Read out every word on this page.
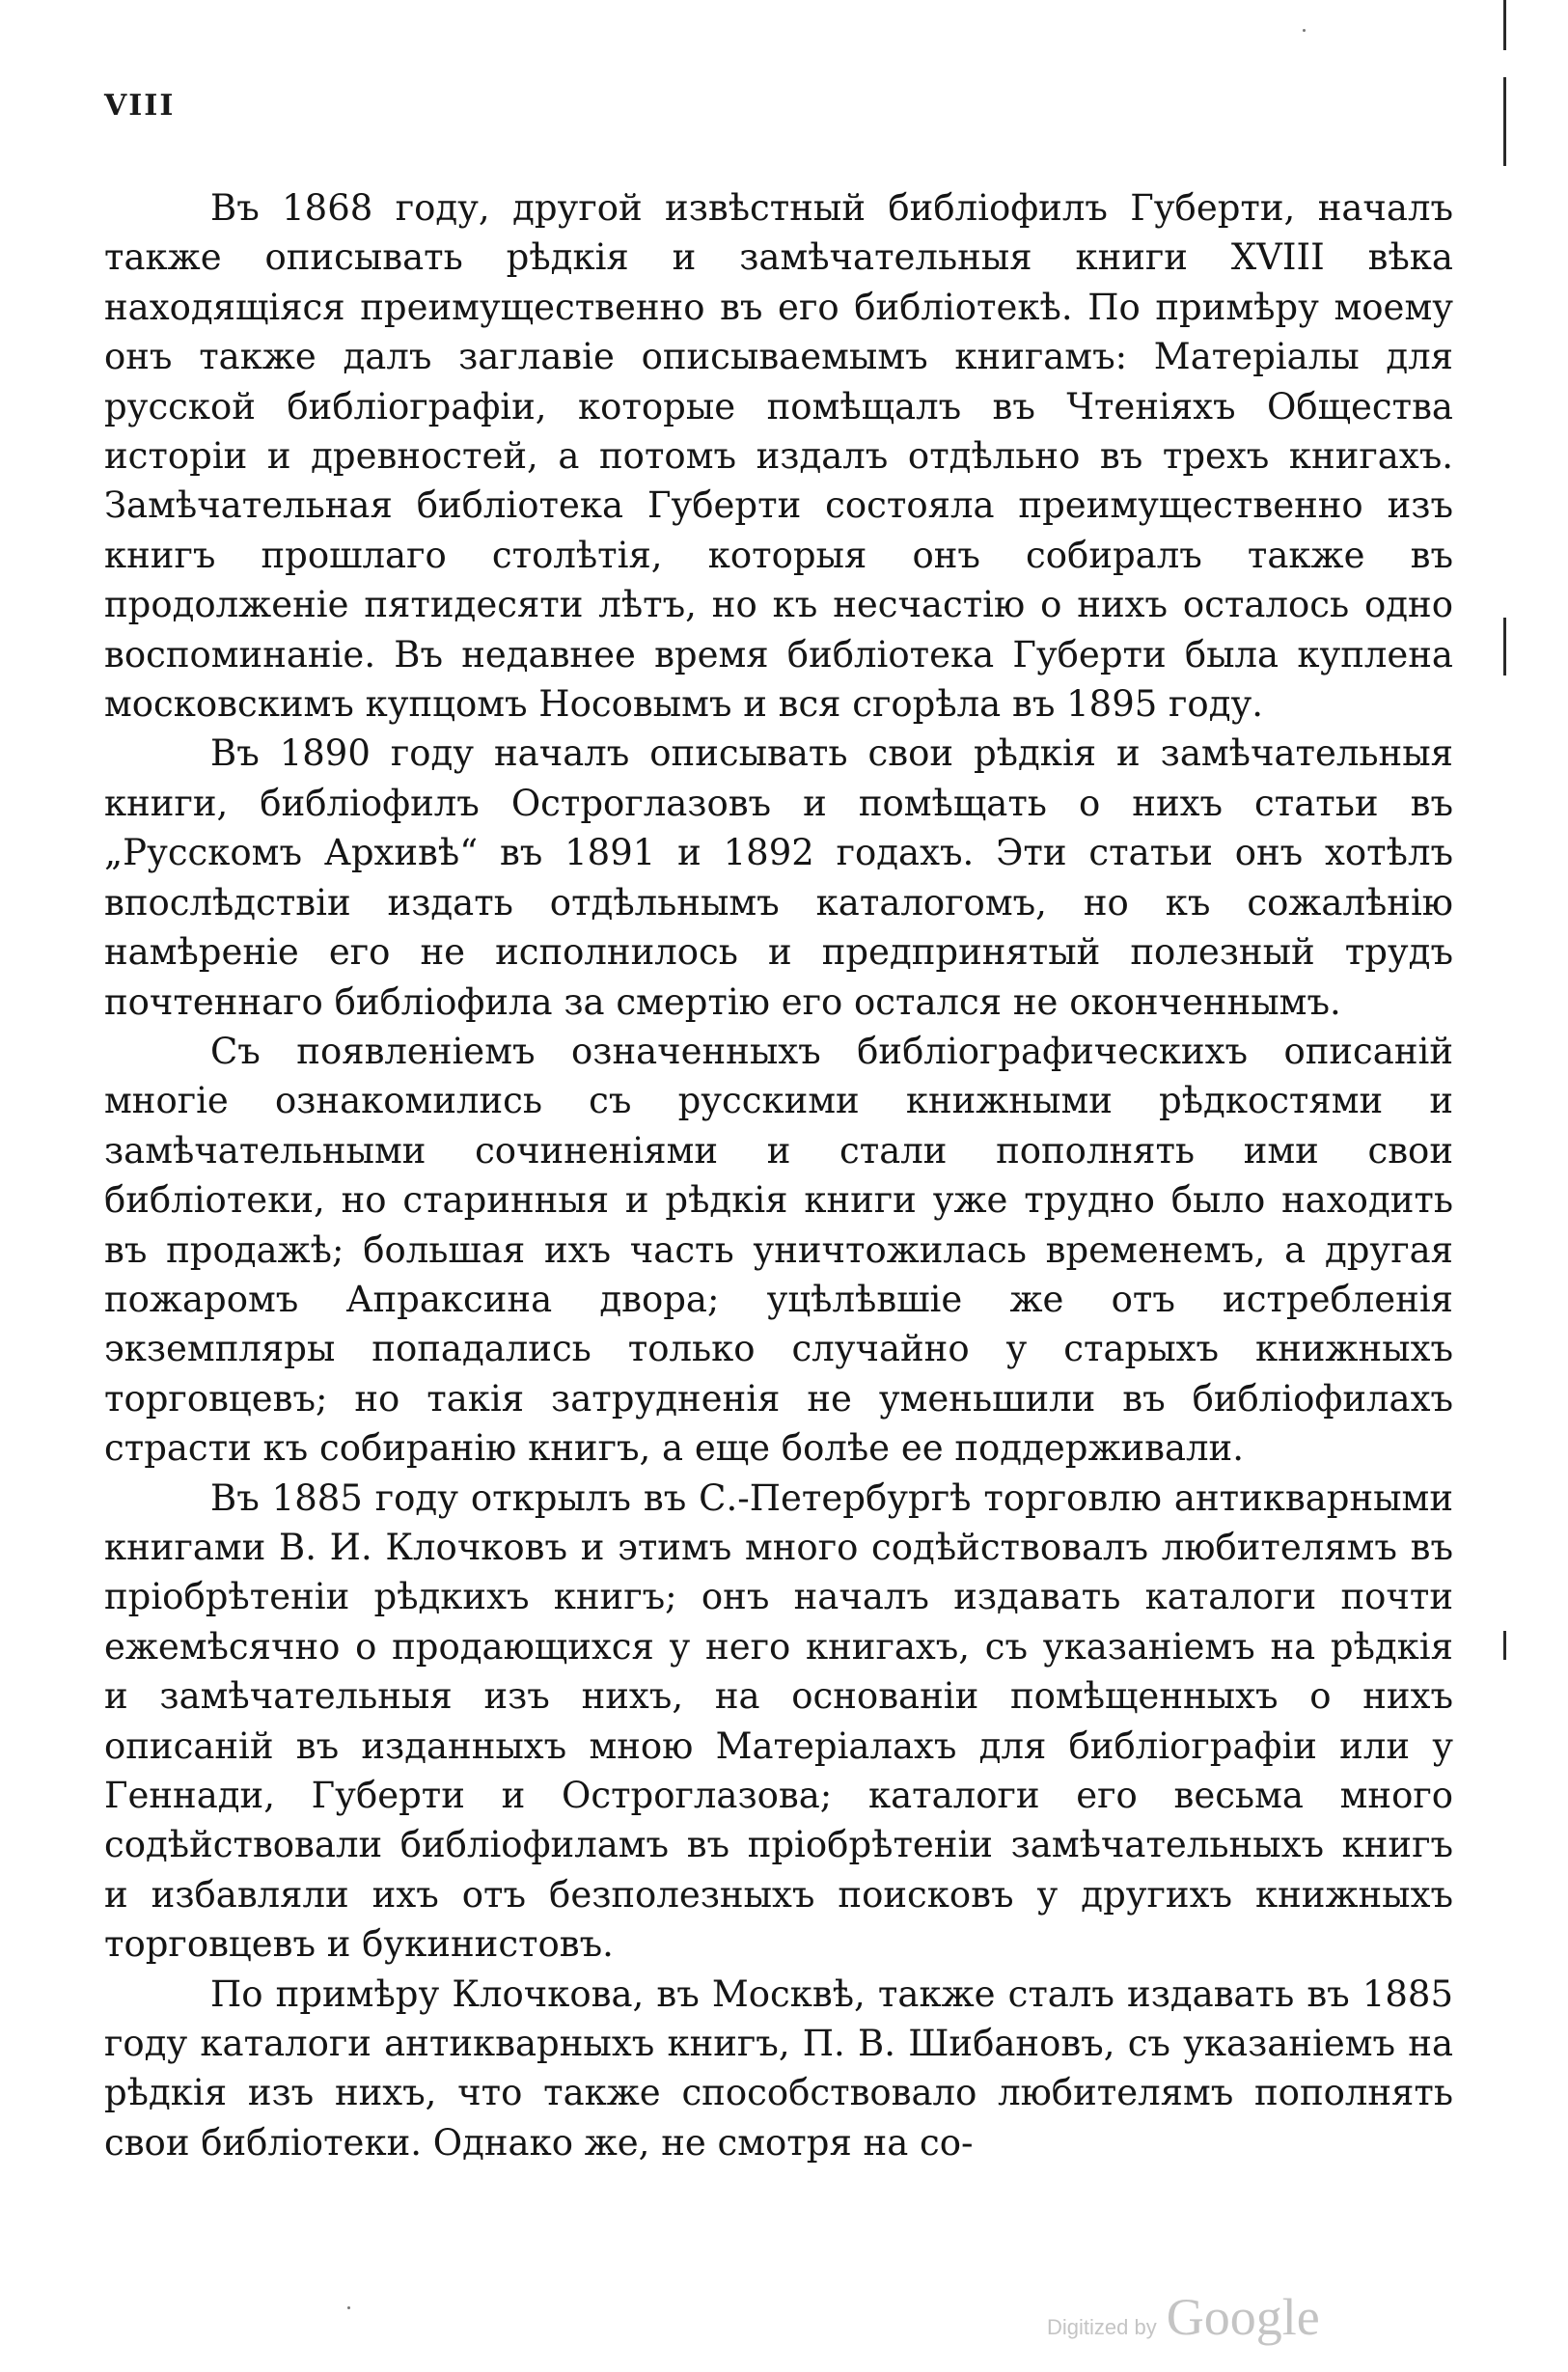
VIII

Въ 1868 году, другой извѣстный библіофилъ Губерти, началъ также описывать рѣдкія и замѣчательныя книги XVIII вѣка находящіяся преимущественно въ его библіотекѣ. По примѣру моему онъ также далъ заглавіе описываемымъ книгамъ: Матеріалы для русской библіографіи, которые помѣщалъ въ Чтеніяхъ Общества исторіи и древностей, а потомъ издалъ отдѣльно въ трехъ книгахъ. Замѣчательная библіотека Губерти состояла преимущественно изъ книгъ прошлаго столѣтія, которыя онъ собиралъ также въ продолженіе пятидесяти лѣтъ, но къ несчастію о нихъ осталось одно воспоминаніе. Въ недавнее время библіотека Губерти была куплена московскимъ купцомъ Носовымъ и вся сгорѣла въ 1895 году.

Въ 1890 году началъ описывать свои рѣдкія и замѣчательныя книги, библіофилъ Остроглазовъ и помѣщать о нихъ статьи въ „Русскомъ Архивѣ“ въ 1891 и 1892 годахъ. Эти статьи онъ хотѣлъ впослѣдствіи издать отдѣльнымъ каталогомъ, но къ сожалѣнію намѣреніе его не исполнилось и предпринятый полезный трудъ почтеннаго библіофила за смертію его остался не оконченнымъ.

Съ появленіемъ означенныхъ библіографическихъ описаній многіе ознакомились съ русскими книжными рѣдкостями и замѣчательными сочиненіями и стали пополнять ими свои библіотеки, но старинныя и рѣдкія книги уже трудно было находить въ продажѣ; большая ихъ часть уничтожилась временемъ, а другая пожаромъ Апраксина двора; уцѣлѣвшіе же отъ истребленія экземпляры попадались только случайно у старыхъ книжныхъ торговцевъ; но такія затрудненія не уменьшили въ библіофилахъ страсти къ собиранію книгъ, а еще болѣе ее поддерживали.

Въ 1885 году открылъ въ С.-Петербургѣ торговлю антикварными книгами В. И. Клочковъ и этимъ много содѣйствовалъ любителямъ въ пріобрѣтеніи рѣдкихъ книгъ; онъ началъ издавать каталоги почти ежемѣсячно о продающихся у него книгахъ, съ указаніемъ на рѣдкія и замѣчательныя изъ нихъ, на основаніи помѣщенныхъ о нихъ описаній въ изданныхъ мною Матеріалахъ для библіографіи или у Геннади, Губерти и Остроглазова; каталоги его весьма много содѣйствовали библіофиламъ въ пріобрѣтеніи замѣчательныхъ книгъ и избавляли ихъ отъ безполезныхъ поисковъ у другихъ книжныхъ торговцевъ и букинистовъ.

По примѣру Клочкова, въ Москвѣ, также сталъ издавать въ 1885 году каталоги антикварныхъ книгъ, П. В. Шибановъ, съ указаніемъ на рѣдкія изъ нихъ, что также способствовало любителямъ пополнять свои библіотеки. Однако же, не смотря на со-

Digitized by Google
